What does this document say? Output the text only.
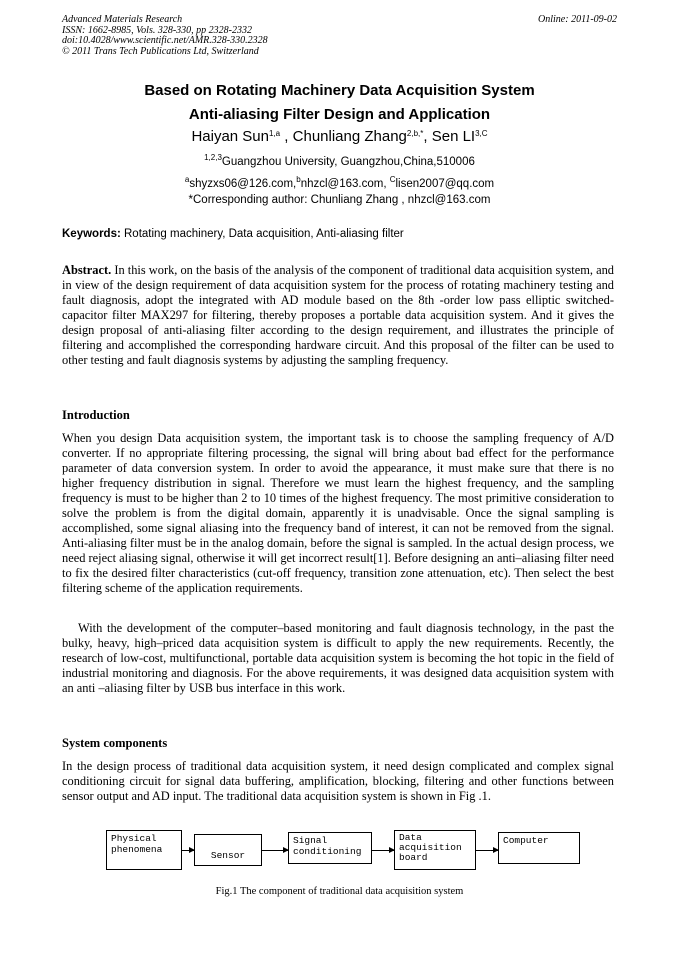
Advanced Materials Research
ISSN: 1662-8985, Vols. 328-330, pp 2328-2332
doi:10.4028/www.scientific.net/AMR.328-330.2328
© 2011 Trans Tech Publications Ltd, Switzerland
Online: 2011-09-02
Based on Rotating Machinery Data Acquisition System
Anti-aliasing Filter Design and Application
Haiyan Sun$^{1,a}$ , Chunliang Zhang$^{2,b,*}$, Sen $LI^{3,C}$
$^{1,2,3}$Guangzhou University, Guangzhou,China,510006
$^a$shyzxs06@126.com,$^b$nhzcl@163.com, $^C$lisen2007@qq.com
*Corresponding author: Chunliang Zhang , nhzcl@163.com
Keywords: Rotating machinery, Data acquisition, Anti-aliasing filter
Abstract. In this work, on the basis of the analysis of the component of traditional data acquisition system, and in view of the design requirement of data acquisition system for the process of rotating machinery testing and fault diagnosis, adopt the integrated with AD module based on the 8th -order low pass elliptic switched-capacitor filter MAX297 for filtering, thereby proposes a portable data acquisition system. And it gives the design proposal of anti-aliasing filter according to the design requirement, and illustrates the principle of filtering and accomplished the corresponding hardware circuit. And this proposal of the filter can be used to other testing and fault diagnosis systems by adjusting the sampling frequency.
Introduction
When you design Data acquisition system, the important task is to choose the sampling frequency of A/D converter. If no appropriate filtering processing, the signal will bring about bad effect for the performance parameter of data conversion system. In order to avoid the appearance, it must make sure that there is no higher frequency distribution in signal. Therefore we must learn the highest frequency, and the sampling frequency is must to be higher than 2 to 10 times of the highest frequency. The most primitive consideration to solve the problem is from the digital domain, apparently it is unadvisable. Once the signal sampling is accomplished, some signal aliasing into the frequency band of interest, it can not be removed from the signal. Anti-aliasing filter must be in the analog domain, before the signal is sampled. In the actual design process, we need reject aliasing signal, otherwise it will get incorrect result[1]. Before designing an anti–aliasing filter need to fix the desired filter characteristics (cut-off frequency, transition zone attenuation, etc). Then select the best filtering scheme of the application requirements.
With the development of the computer–based monitoring and fault diagnosis technology, in the past the bulky, heavy, high–priced data acquisition system is difficult to apply the new requirements. Recently, the research of low-cost, multifunctional, portable data acquisition system is becoming the hot topic in the field of industrial monitoring and diagnosis. For the above requirements, it was designed data acquisition system with an anti –aliasing filter by USB bus interface in this work.
System components
In the design process of traditional data acquisition system, it need design complicated and complex signal conditioning circuit for signal data buffering, amplification, blocking, filtering and other functions between sensor output and AD input. The traditional data acquisition system is shown in Fig .1.
Physical
phenomena
Sensor
Signal
conditioning
Data
acquisition
board
Computer
Fig.1 The component of traditional data acquisition system
